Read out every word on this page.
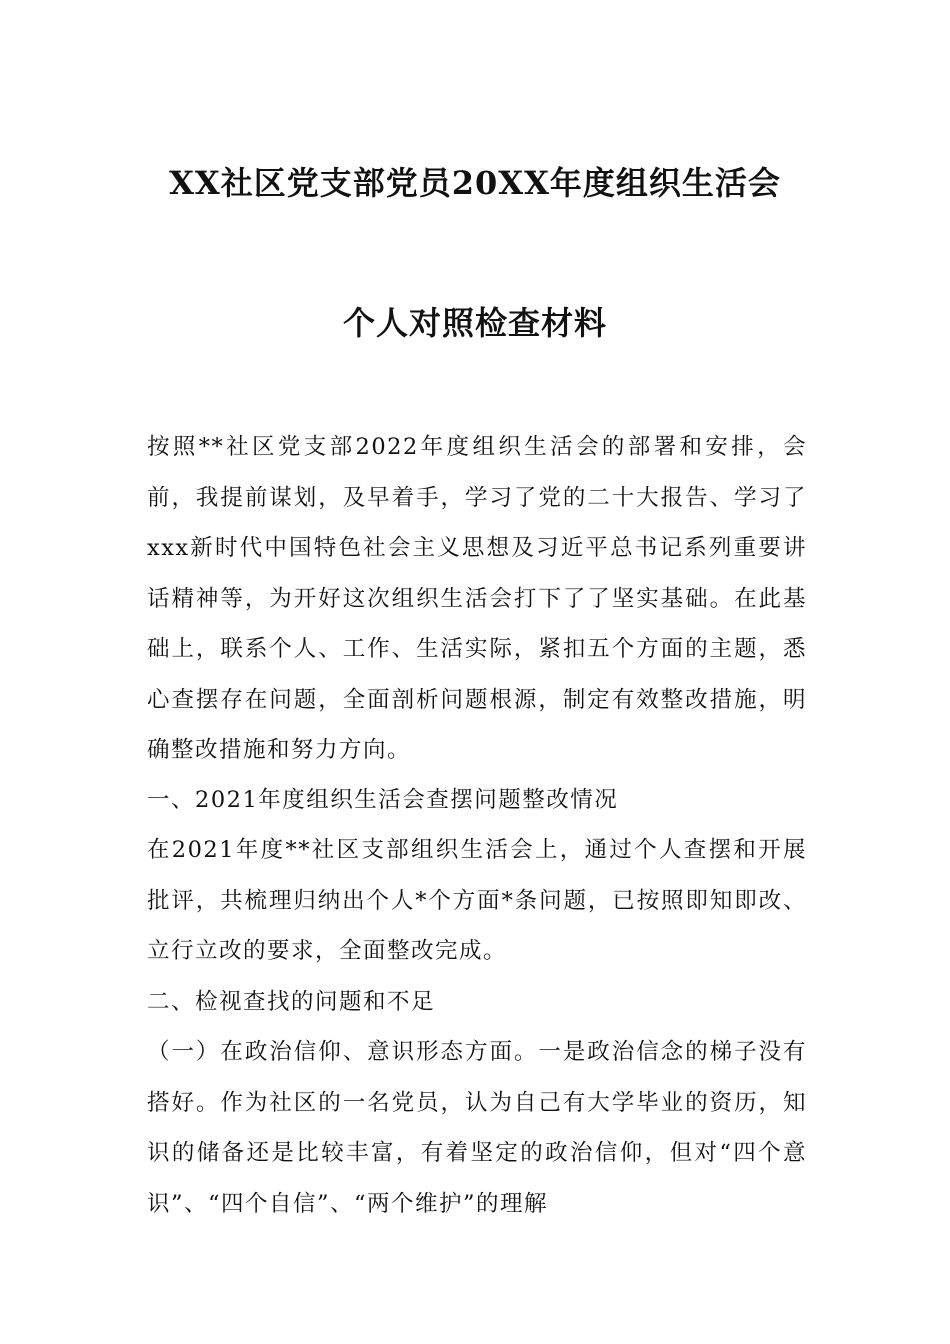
XX社区党支部党员20XX年度组织生活会
个人对照检查材料

按照**社区党支部2022年度组织生活会的部署和安排，会前，我提前谋划，及早着手，学习了党的二十大报告、学习了xxx新时代中国特色社会主义思想及习近平总书记系列重要讲话精神等，为开好这次组织生活会打下了了坚实基础。在此基础上，联系个人、工作、生活实际，紧扣五个方面的主题，悉心查摆存在问题，全面剖析问题根源，制定有效整改措施，明确整改措施和努力方向。

一、2021年度组织生活会查摆问题整改情况

在2021年度**社区支部组织生活会上，通过个人查摆和开展批评，共梳理归纳出个人*个方面*条问题，已按照即知即改、立行立改的要求，全面整改完成。

二、检视查找的问题和不足

（一）在政治信仰、意识形态方面。一是政治信念的梯子没有搭好。作为社区的一名党员，认为自己有大学毕业的资历，知识的储备还是比较丰富，有着坚定的政治信仰，但对“四个意识”、“四个自信”、“两个维护”的理解
